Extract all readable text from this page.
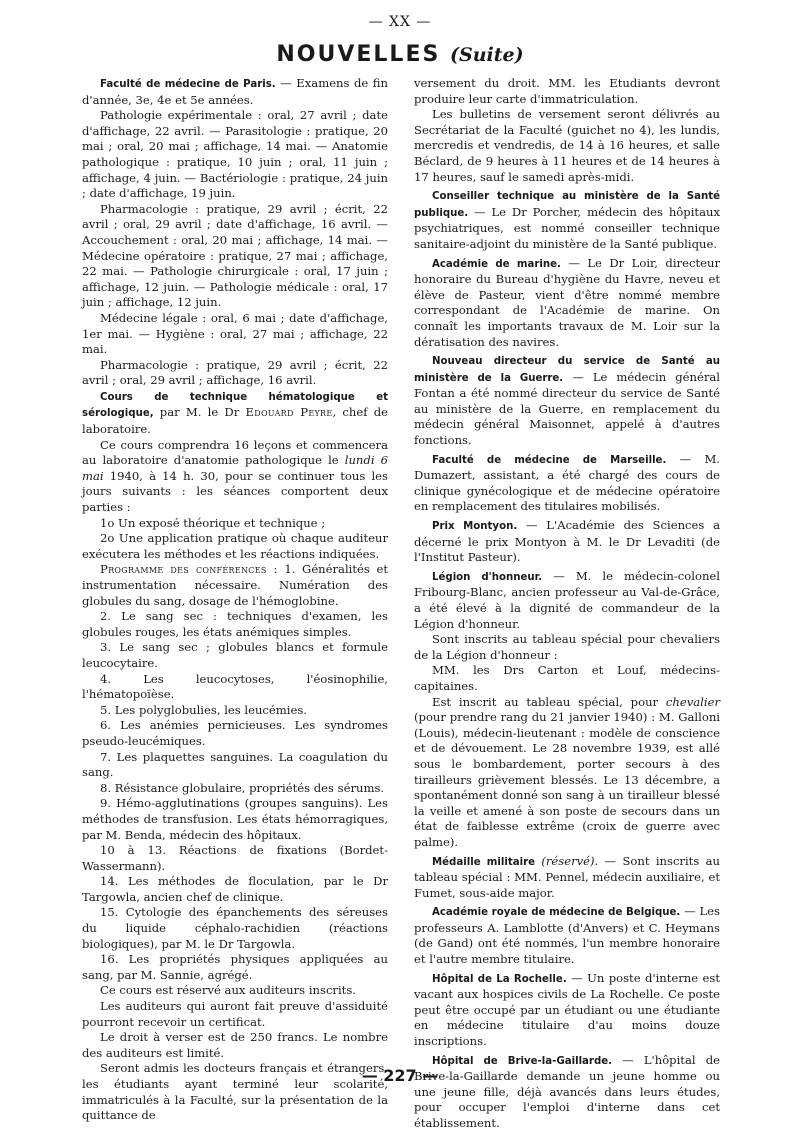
— XX —
NOUVELLES (Suite)

Faculté de médecine de Paris. — Examens de fin d'année, 3e, 4e et 5e années.

Pathologie expérimentale : oral, 27 avril ; date d'affichage, 22 avril. — Parasitologie : pratique, 20 mai ; oral, 20 mai ; affichage, 14 mai. — Anatomie pathologique : pratique, 10 juin ; oral, 11 juin ; affichage, 4 juin. — Bactériologie : pratique, 24 juin ; date d'affichage, 19 juin.

Pharmacologie : pratique, 29 avril ; écrit, 22 avril ; oral, 29 avril ; date d'affichage, 16 avril. — Accouchement : oral, 20 mai ; affichage, 14 mai. — Médecine opératoire : pratique, 27 mai ; affichage, 22 mai. — Pathologie chirurgicale : oral, 17 juin ; affichage, 12 juin. — Pathologie médicale : oral, 17 juin ; affichage, 12 juin.

Médecine légale : oral, 6 mai ; date d'affichage, 1er mai. — Hygiène : oral, 27 mai ; affichage, 22 mai.

Pharmacologie : pratique, 29 avril ; écrit, 22 avril ; oral, 29 avril ; affichage, 16 avril.

Cours de technique hématologique et sérologique, par M. le Dr Edouard Peyre, chef de laboratoire.

Ce cours comprendra 16 leçons et commencera au laboratoire d'anatomie pathologique le lundi 6 mai 1940, à 14 h. 30, pour se continuer tous les jours suivants : les séances comportent deux parties :

1o Un exposé théorique et technique ;

2o Une application pratique où chaque auditeur exécutera les méthodes et les réactions indiquées.

Programme des conférences : 1. Généralités et instrumentation nécessaire. Numération des globules du sang, dosage de l'hémoglobine.

2. Le sang sec : techniques d'examen, les globules rouges, les états anémiques simples.

3. Le sang sec ; globules blancs et formule leucocytaire.

4. Les leucocytoses, l'éosinophilie, l'hématopoïèse.

5. Les polyglobulies, les leucémies.

6. Les anémies pernicieuses. Les syndromes pseudo-leucémiques.

7. Les plaquettes sanguines. La coagulation du sang.

8. Résistance globulaire, propriétés des sérums.

9. Hémo-agglutinations (groupes sanguins). Les méthodes de transfusion. Les états hémorragiques, par M. Benda, médecin des hôpitaux.

10 à 13. Réactions de fixations (Bordet-Wassermann).

14. Les méthodes de floculation, par le Dr Targowla, ancien chef de clinique.

15. Cytologie des épanchements des séreuses du liquide céphalo-rachidien (réactions biologiques), par M. le Dr Targowla.

16. Les propriétés physiques appliquées au sang, par M. Sannie, agrégé.

Ce cours est réservé aux auditeurs inscrits.

Les auditeurs qui auront fait preuve d'assiduité pourront recevoir un certificat.

Le droit à verser est de 250 francs. Le nombre des auditeurs est limité.

Seront admis les docteurs français et étrangers, les étudiants ayant terminé leur scolarité, immatriculés à la Faculté, sur la présentation de la quittance de

versement du droit. MM. les Etudiants devront produire leur carte d'immatriculation.

Les bulletins de versement seront délivrés au Secrétariat de la Faculté (guichet no 4), les lundis, mercredis et vendredis, de 14 à 16 heures, et salle Béclard, de 9 heures à 11 heures et de 14 heures à 17 heures, sauf le samedi après-midi.

Conseiller technique au ministère de la Santé publique. — Le Dr Porcher, médecin des hôpitaux psychiatriques, est nommé conseiller technique sanitaire-adjoint du ministère de la Santé publique.

Académie de marine. — Le Dr Loir, directeur honoraire du Bureau d'hygiène du Havre, neveu et élève de Pasteur, vient d'être nommé membre correspondant de l'Académie de marine. On connaît les importants travaux de M. Loir sur la dératisation des navires.

Nouveau directeur du service de Santé au ministère de la Guerre. — Le médecin général Fontan a été nommé directeur du service de Santé au ministère de la Guerre, en remplacement du médecin général Maisonnet, appelé à d'autres fonctions.

Faculté de médecine de Marseille. — M. Dumazert, assistant, a été chargé des cours de clinique gynécologique et de médecine opératoire en remplacement des titulaires mobilisés.

Prix Montyon. — L'Académie des Sciences a décerné le prix Montyon à M. le Dr Levaditi (de l'Institut Pasteur).

Légion d'honneur. — M. le médecin-colonel Fribourg-Blanc, ancien professeur au Val-de-Grâce, a été élevé à la dignité de commandeur de la Légion d'honneur.

Sont inscrits au tableau spécial pour chevaliers de la Légion d'honneur :

MM. les Drs Carton et Louf, médecins-capitaines.

Est inscrit au tableau spécial, pour chevalier (pour prendre rang du 21 janvier 1940) : M. Galloni (Louis), médecin-lieutenant : modèle de conscience et de dévouement. Le 28 novembre 1939, est allé sous le bombardement, porter secours à des tirailleurs grièvement blessés. Le 13 décembre, a spontanément donné son sang à un tirailleur blessé la veille et amené à son poste de secours dans un état de faiblesse extrême (croix de guerre avec palme).

Médaille militaire (réservé). — Sont inscrits au tableau spécial : MM. Pennel, médecin auxiliaire, et Fumet, sous-aide major.

Académie royale de médecine de Belgique. — Les professeurs A. Lamblotte (d'Anvers) et C. Heymans (de Gand) ont été nommés, l'un membre honoraire et l'autre membre titulaire.

Hôpital de La Rochelle. — Un poste d'interne est vacant aux hospices civils de La Rochelle. Ce poste peut être occupé par un étudiant ou une étudiante en médecine titulaire d'au moins douze inscriptions.

Hôpital de Brive-la-Gaillarde. — L'hôpital de Brive-la-Gaillarde demande un jeune homme ou une jeune fille, déjà avancés dans leurs études, pour occuper l'emploi d'interne dans cet établissement.

— 227 —
